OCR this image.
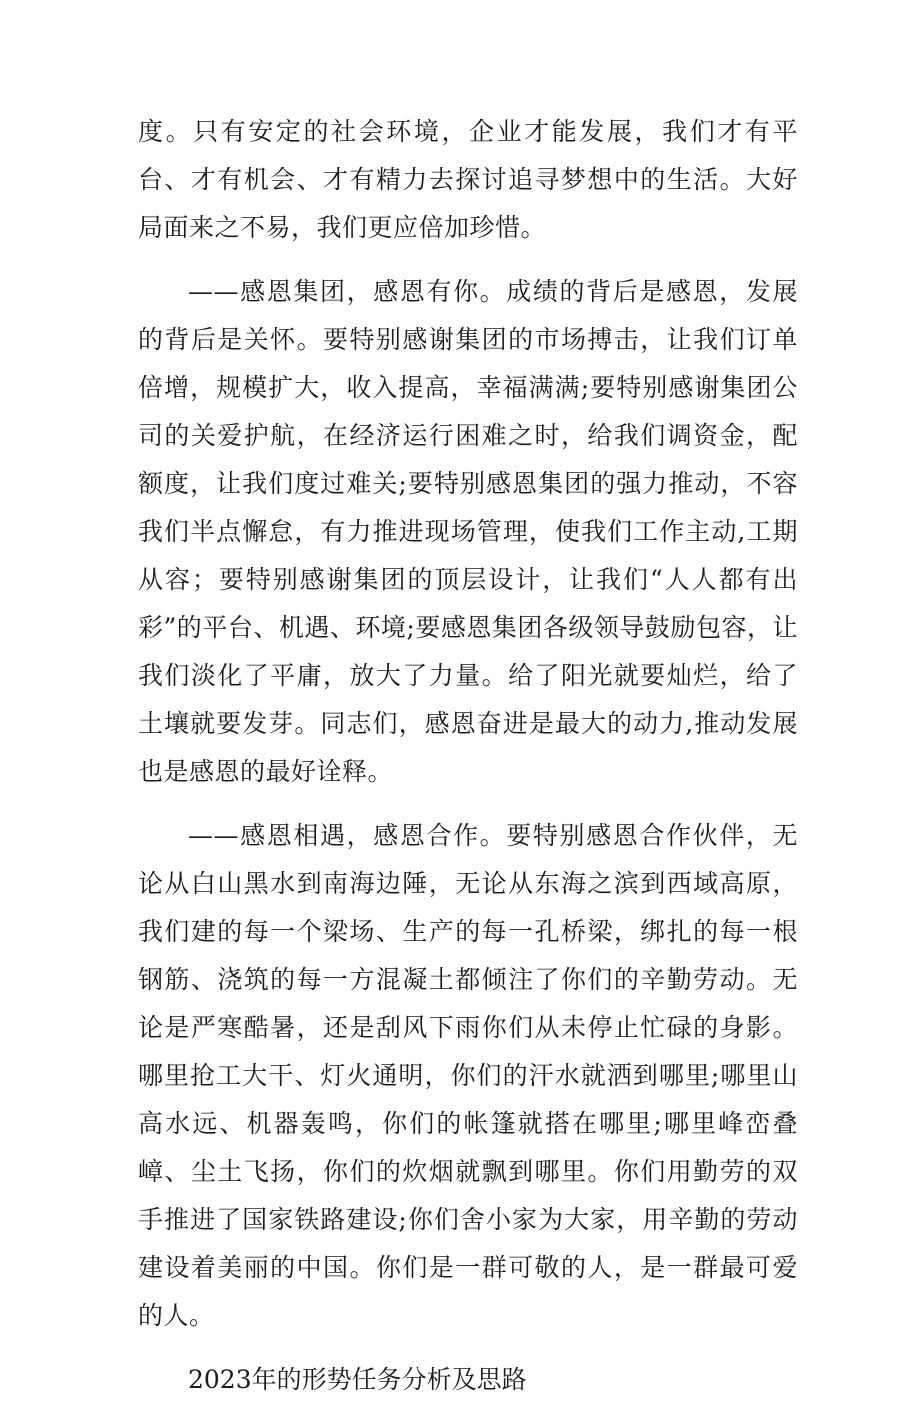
度。只有安定的社会环境，企业才能发展，我们才有平台、才有机会、才有精力去探讨追寻梦想中的生活。大好局面来之不易，我们更应倍加珍惜。

——感恩集团，感恩有你。成绩的背后是感恩，发展的背后是关怀。要特别感谢集团的市场搏击，让我们订单倍增，规模扩大，收入提高，幸福满满;要特别感谢集团公司的关爱护航，在经济运行困难之时，给我们调资金，配额度，让我们度过难关;要特别感恩集团的强力推动，不容我们半点懈怠，有力推进现场管理，使我们工作主动,工期从容；要特别感谢集团的顶层设计，让我们“人人都有出彩”的平台、机遇、环境;要感恩集团各级领导鼓励包容，让我们淡化了平庸，放大了力量。给了阳光就要灿烂，给了土壤就要发芽。同志们，感恩奋进是最大的动力,推动发展也是感恩的最好诠释。

——感恩相遇，感恩合作。要特别感恩合作伙伴，无论从白山黑水到南海边陲，无论从东海之滨到西域高原，我们建的每一个梁场、生产的每一孔桥梁，绑扎的每一根钢筋、浇筑的每一方混凝土都倾注了你们的辛勤劳动。无论是严寒酷暑，还是刮风下雨你们从未停止忙碌的身影。哪里抢工大干、灯火通明，你们的汗水就洒到哪里;哪里山高水远、机器轰鸣，你们的帐篷就搭在哪里;哪里峰峦叠嶂、尘土飞扬，你们的炊烟就飘到哪里。你们用勤劳的双手推进了国家铁路建设;你们舍小家为大家，用辛勤的劳动建设着美丽的中国。你们是一群可敬的人，是一群最可爱的人。

2023年的形势任务分析及思路
